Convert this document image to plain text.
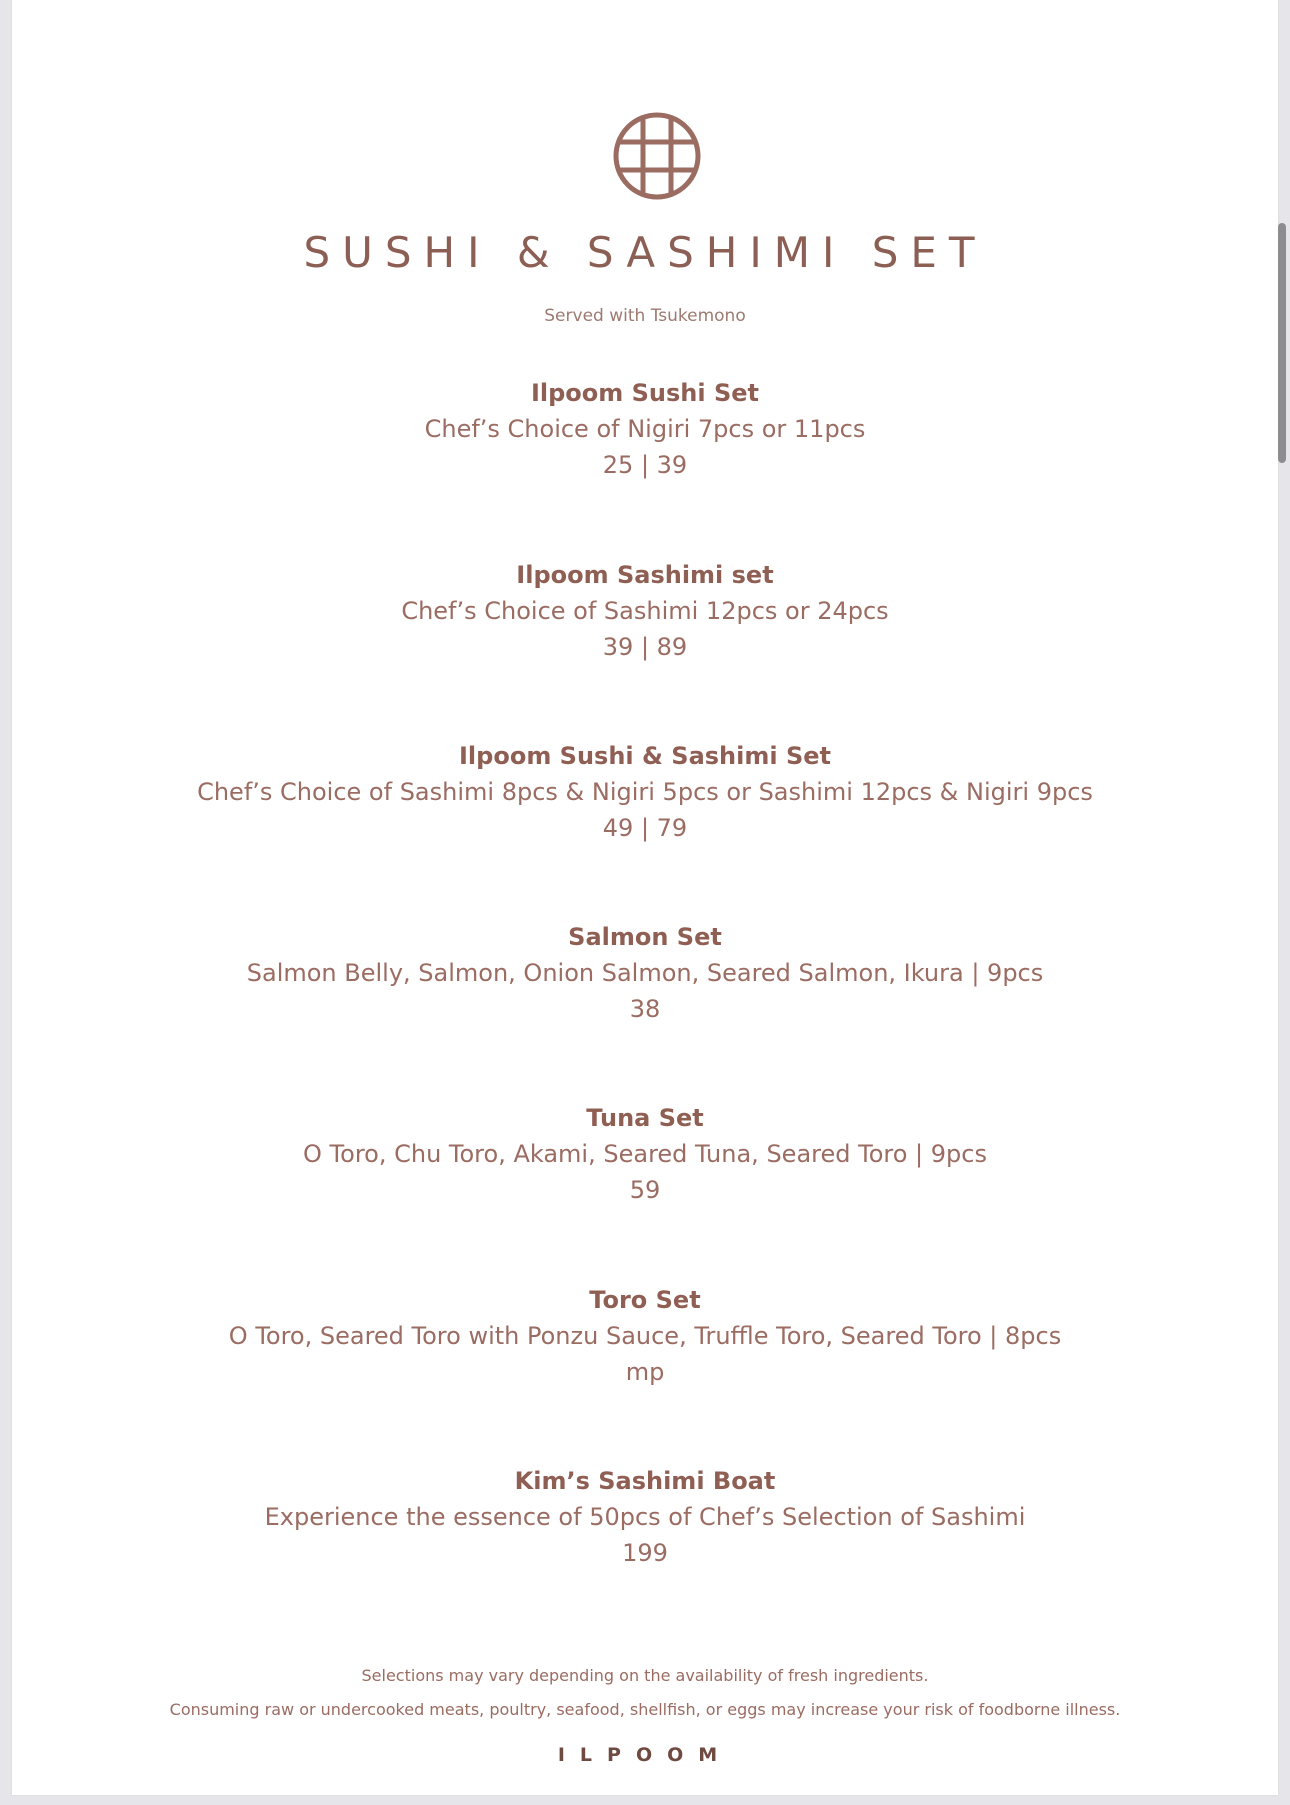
SUSHI & SASHIMI SET
Served with Tsukemono
Ilpoom Sushi Set
Chef’s Choice of Nigiri 7pcs or 11pcs
25 | 39
Ilpoom Sashimi set
Chef’s Choice of Sashimi 12pcs or 24pcs
39 | 89
Ilpoom Sushi & Sashimi Set
Chef’s Choice of Sashimi 8pcs & Nigiri 5pcs or Sashimi 12pcs & Nigiri 9pcs
49 | 79
Salmon Set
Salmon Belly, Salmon, Onion Salmon, Seared Salmon, Ikura | 9pcs
38
Tuna Set
O Toro, Chu Toro, Akami, Seared Tuna, Seared Toro | 9pcs
59
Toro Set
O Toro, Seared Toro with Ponzu Sauce, Truffle Toro, Seared Toro | 8pcs
mp
Kim’s Sashimi Boat
Experience the essence of 50pcs of Chef’s Selection of Sashimi
199
Selections may vary depending on the availability of fresh ingredients.
Consuming raw or undercooked meats, poultry, seafood, shellfish, or eggs may increase your risk of foodborne illness.
ILPOOM
